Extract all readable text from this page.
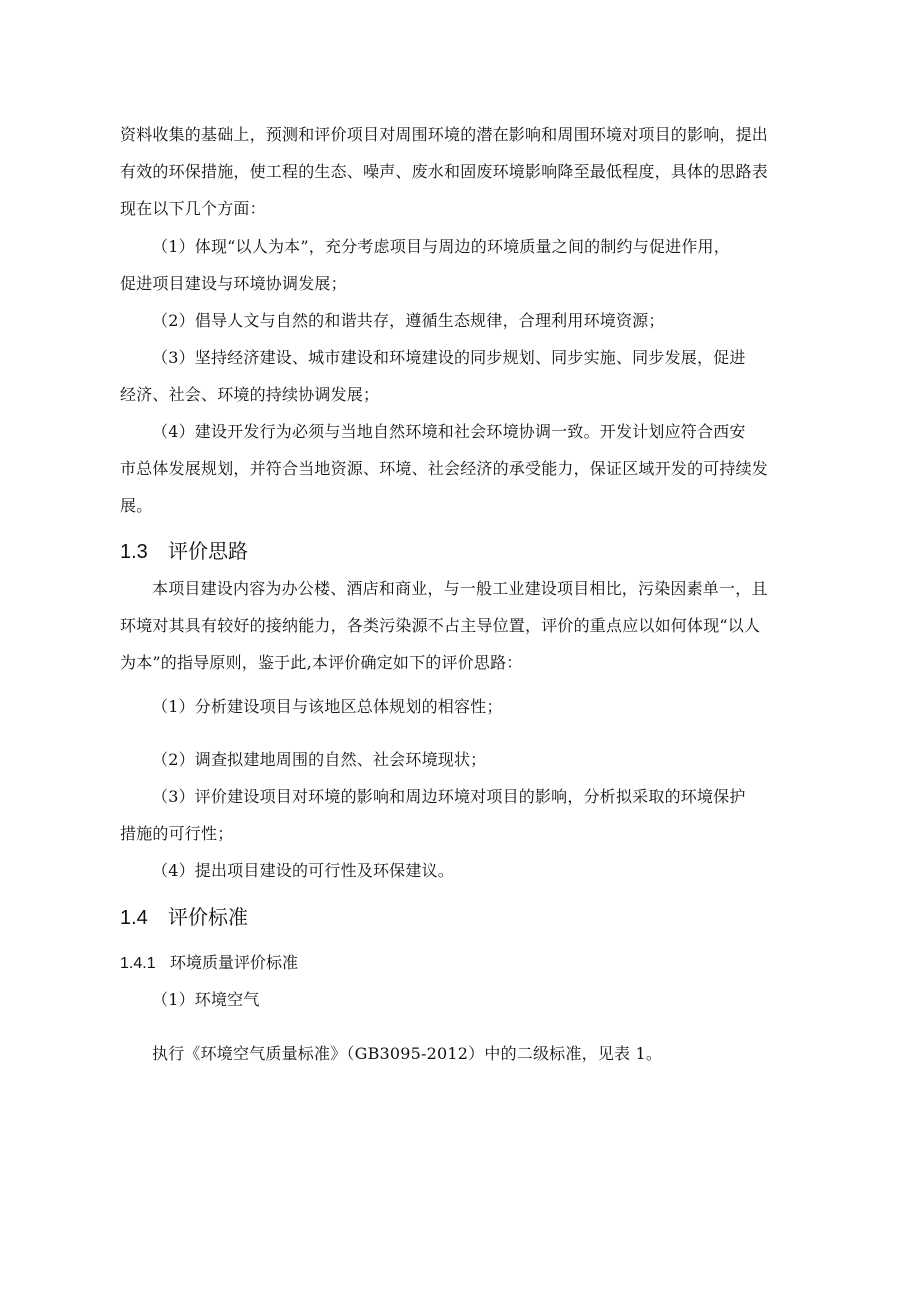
资料收集的基础上，预测和评价项目对周围环境的潜在影响和周围环境对项目的影响，提出
有效的环保措施，使工程的生态、噪声、废水和固废环境影响降至最低程度，具体的思路表
现在以下几个方面：
（1）体现“以人为本”，充分考虑项目与周边的环境质量之间的制约与促进作用，
促进项目建设与环境协调发展；
（2）倡导人文与自然的和谐共存，遵循生态规律，合理利用环境资源；
（3）坚持经济建设、城市建设和环境建设的同步规划、同步实施、同步发展，促进
经济、社会、环境的持续协调发展；
（4）建设开发行为必须与当地自然环境和社会环境协调一致。开发计划应符合西安
市总体发展规划，并符合当地资源、环境、社会经济的承受能力，保证区域开发的可持续发
展。
1.3 评价思路
本项目建设内容为办公楼、酒店和商业，与一般工业建设项目相比，污染因素单一，且
环境对其具有较好的接纳能力，各类污染源不占主导位置，评价的重点应以如何体现“以人
为本”的指导原则，鉴于此,本评价确定如下的评价思路：
（1）分析建设项目与该地区总体规划的相容性；
（2）调查拟建地周围的自然、社会环境现状；
（3）评价建设项目对环境的影响和周边环境对项目的影响，分析拟采取的环境保护
措施的可行性；
（4）提出项目建设的可行性及环保建议。
1.4 评价标准
1.4.1 环境质量评价标准
（1）环境空气
执行《环境空气质量标准》（GB3095-2012）中的二级标准，见表 1。
